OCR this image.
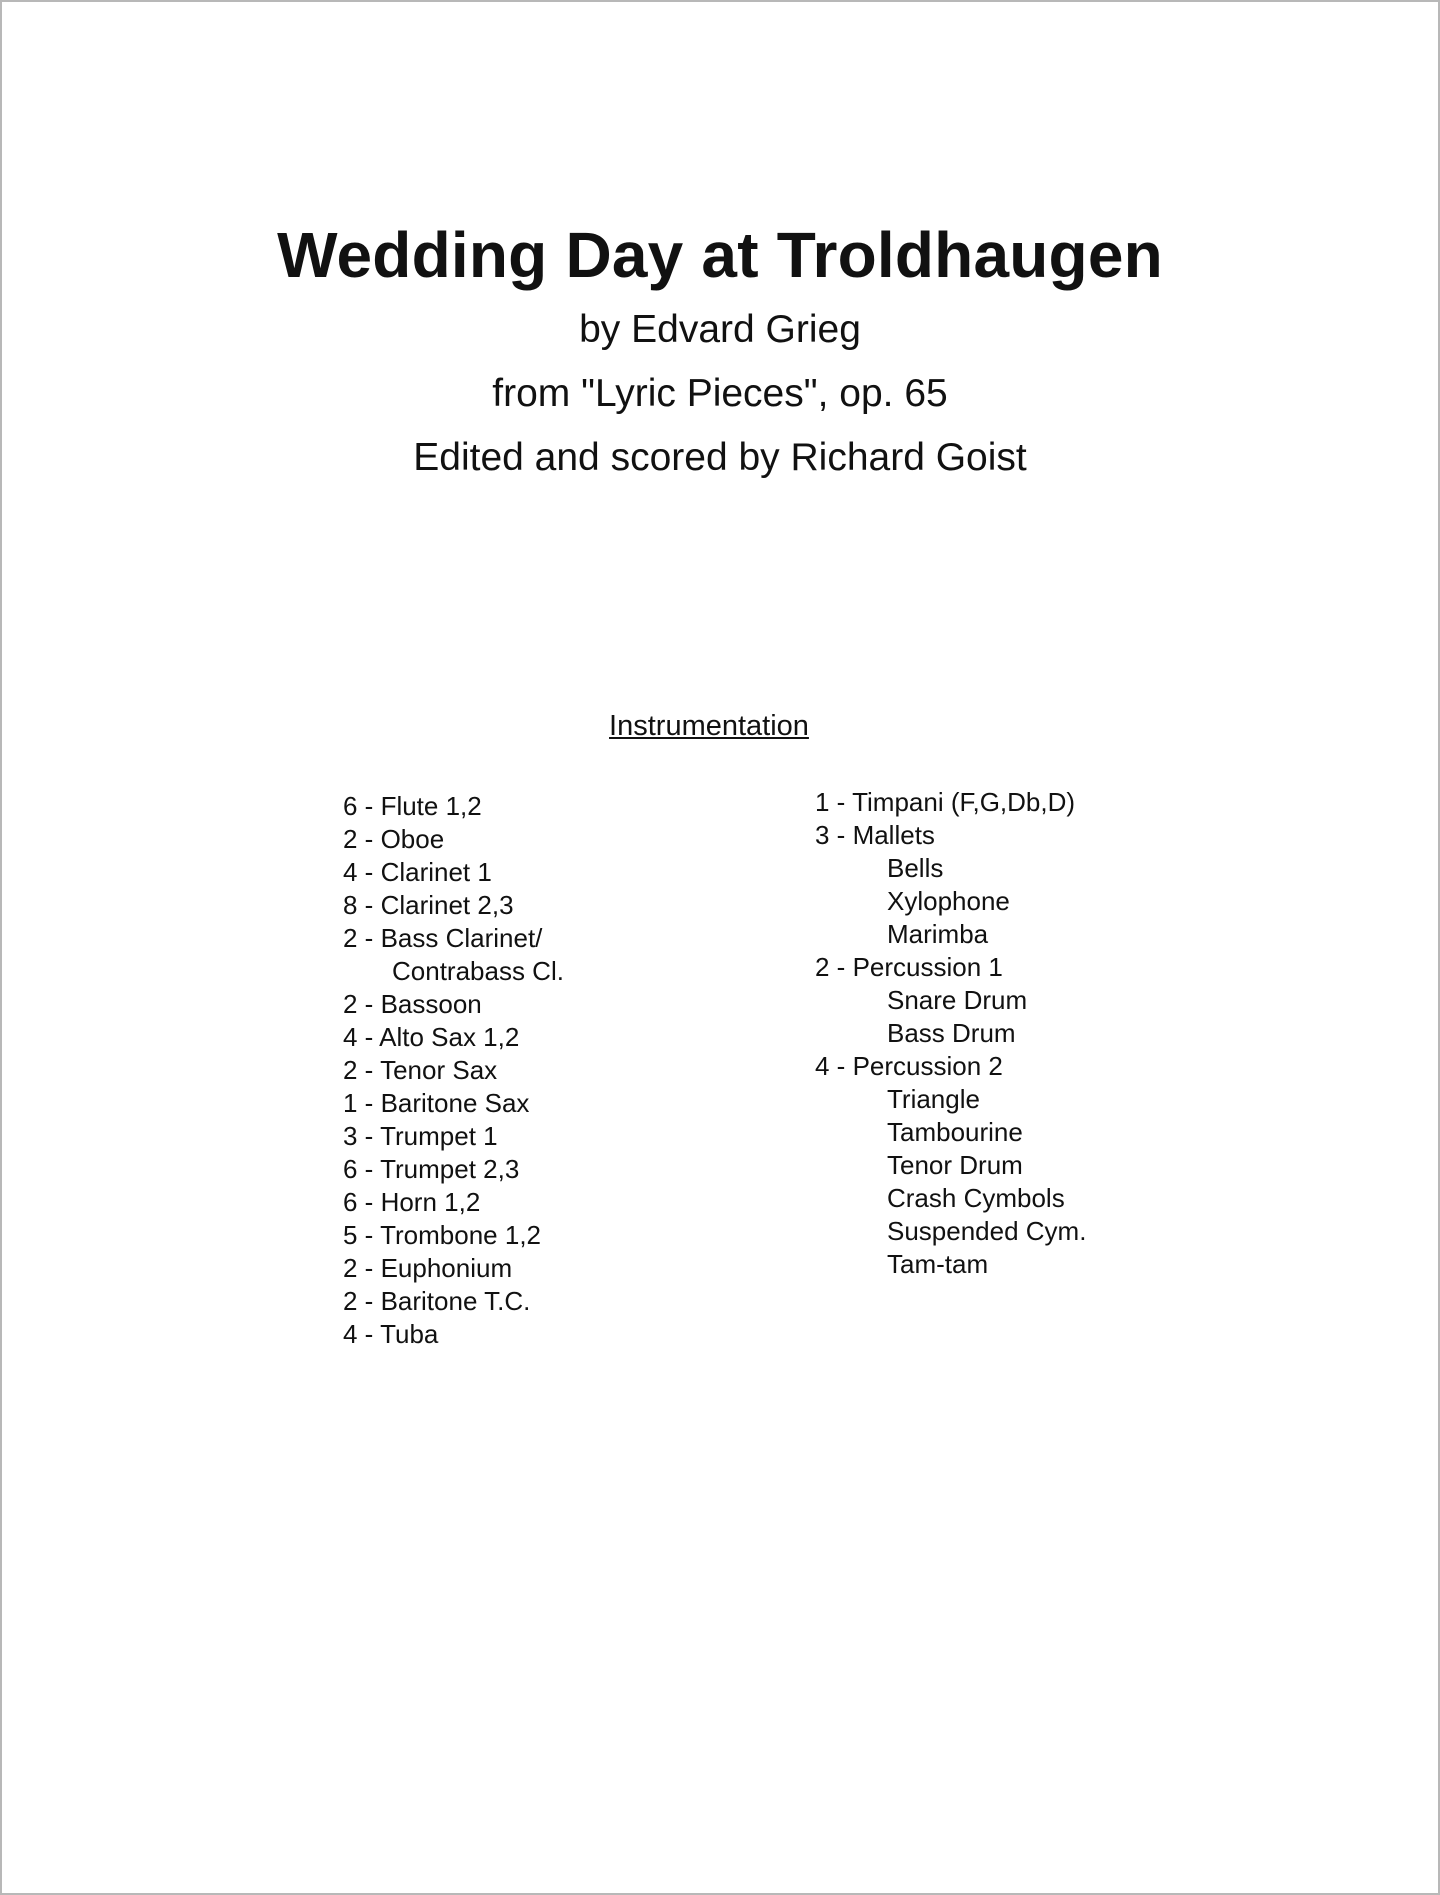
Wedding Day at Troldhaugen
by Edvard Grieg
from "Lyric Pieces", op. 65
Edited and scored by Richard Goist
Instrumentation
6 - Flute 1,2
2 - Oboe
4 - Clarinet 1
8 - Clarinet 2,3
2 - Bass Clarinet/
Contrabass Cl.
2 - Bassoon
4 - Alto Sax 1,2
2 - Tenor Sax
1 - Baritone Sax
3 - Trumpet 1
6 - Trumpet 2,3
6 - Horn 1,2
5 - Trombone 1,2
2 - Euphonium
2 - Baritone T.C.
4 - Tuba
1 - Timpani (F,G,Db,D)
3 - Mallets
Bells
Xylophone
Marimba
2 - Percussion 1
Snare Drum
Bass Drum
4 - Percussion 2
Triangle
Tambourine
Tenor Drum
Crash Cymbols
Suspended Cym.
Tam-tam
